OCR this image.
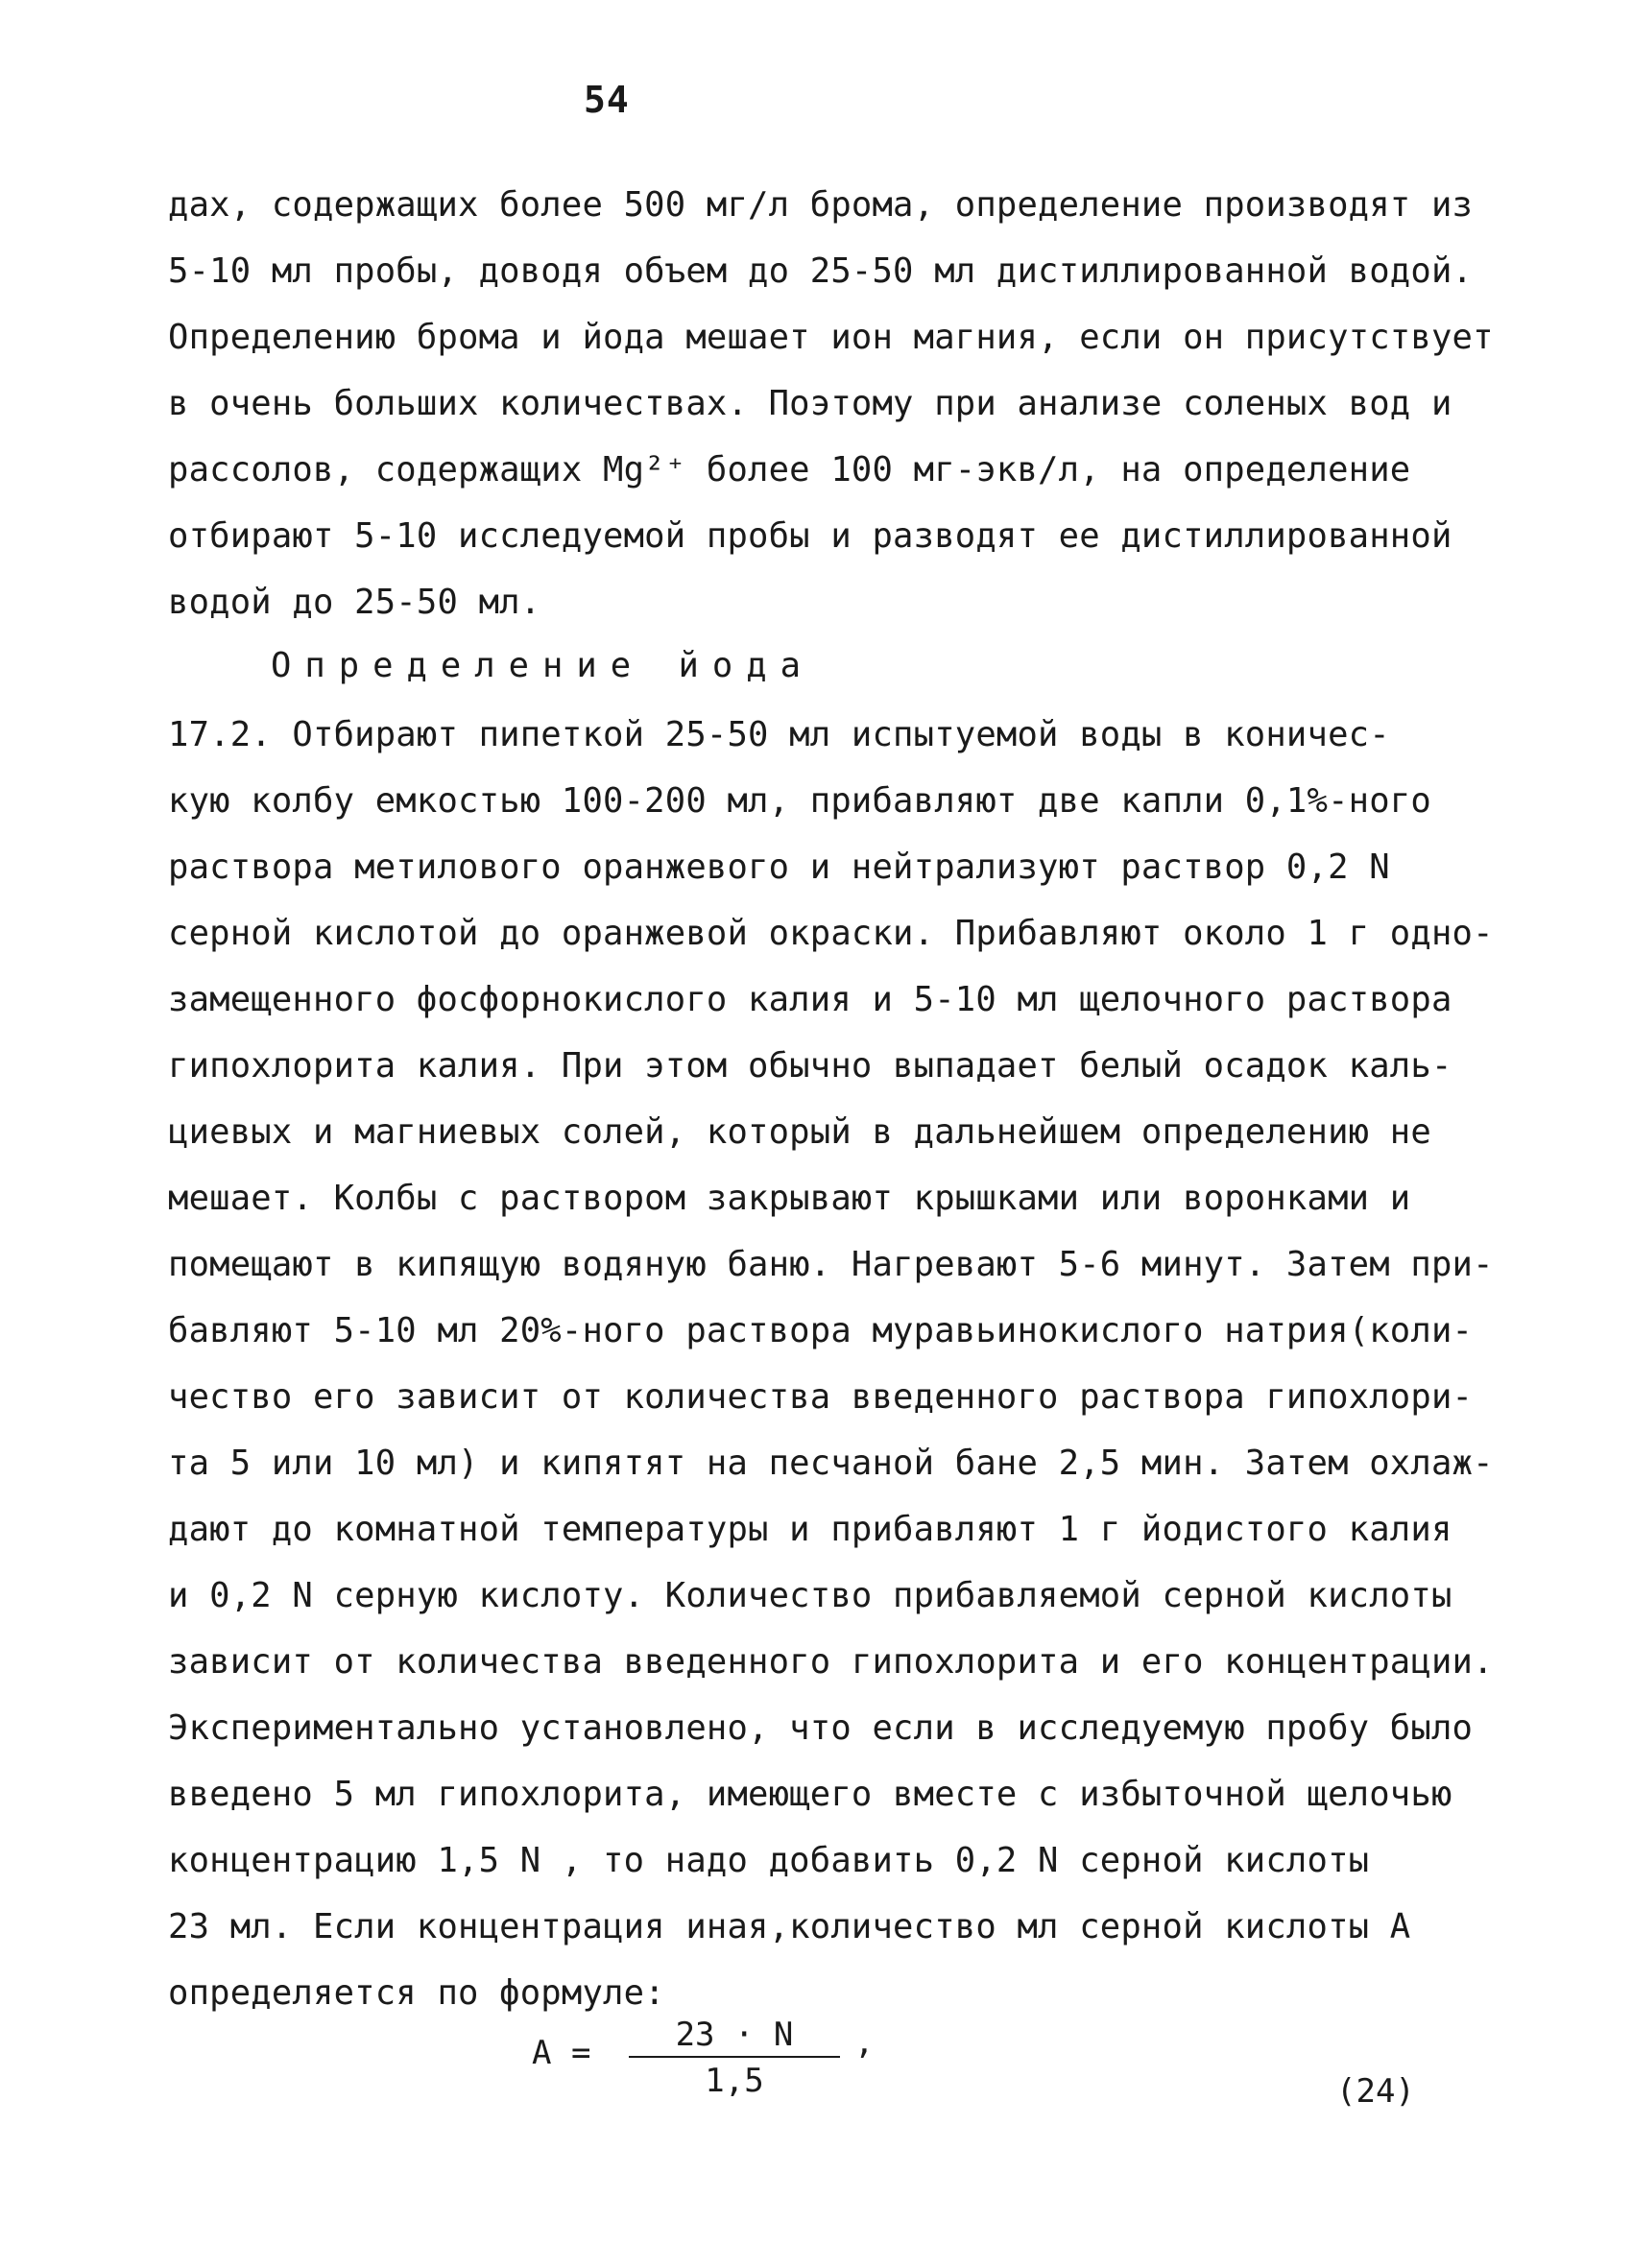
54
дах, содержащих более 500 мг/л брома, определение производят из
5-10 мл пробы, доводя объем до 25-50 мл дистиллированной водой.
Определению брома и йода мешает ион магния, если он присутствует
в очень больших количествах. Поэтому при анализе соленых вод и
рассолов, содержащих Mg²⁺ более 100 мг-экв/л, на определение
отбирают 5-10 исследуемой пробы и разводят ее дистиллированной
водой до 25-50 мл.
Определение йода
17.2. Отбирают пипеткой 25-50 мл испытуемой воды в коничес-
кую колбу емкостью 100-200 мл, прибавляют две капли 0,1%-ного
раствора метилового оранжевого и нейтрализуют раствор 0,2 N
серной кислотой до оранжевой окраски. Прибавляют около 1 г одно-
замещенного фосфорнокислого калия и 5-10 мл щелочного раствора
гипохлорита калия. При этом обычно выпадает белый осадок каль-
циевых и магниевых солей, который в дальнейшем определению не
мешает. Колбы с раствором закрывают крышками или воронками и
помещают в кипящую водяную баню. Нагревают 5-6 минут. Затем при-
бавляют 5-10 мл 20%-ного раствора муравьинокислого натрия(коли-
чество его зависит от количества введенного раствора гипохлори-
та 5 или 10 мл) и кипятят на песчаной бане 2,5 мин. Затем охлаж-
дают до комнатной температуры и прибавляют 1 г йодистого калия
и 0,2 N серную кислоту. Количество прибавляемой серной кислоты
зависит от количества введенного гипохлорита и его концентрации.
Экспериментально установлено, что если в исследуемую пробу было
введено 5 мл гипохлорита, имеющего вместе с избыточной щелочью
концентрацию 1,5 N , то надо добавить 0,2 N серной кислоты
23 мл. Если концентрация иная,количество мл серной кислоты A
определяется по формуле:
A =	23 · N
1,5
,
(24)
